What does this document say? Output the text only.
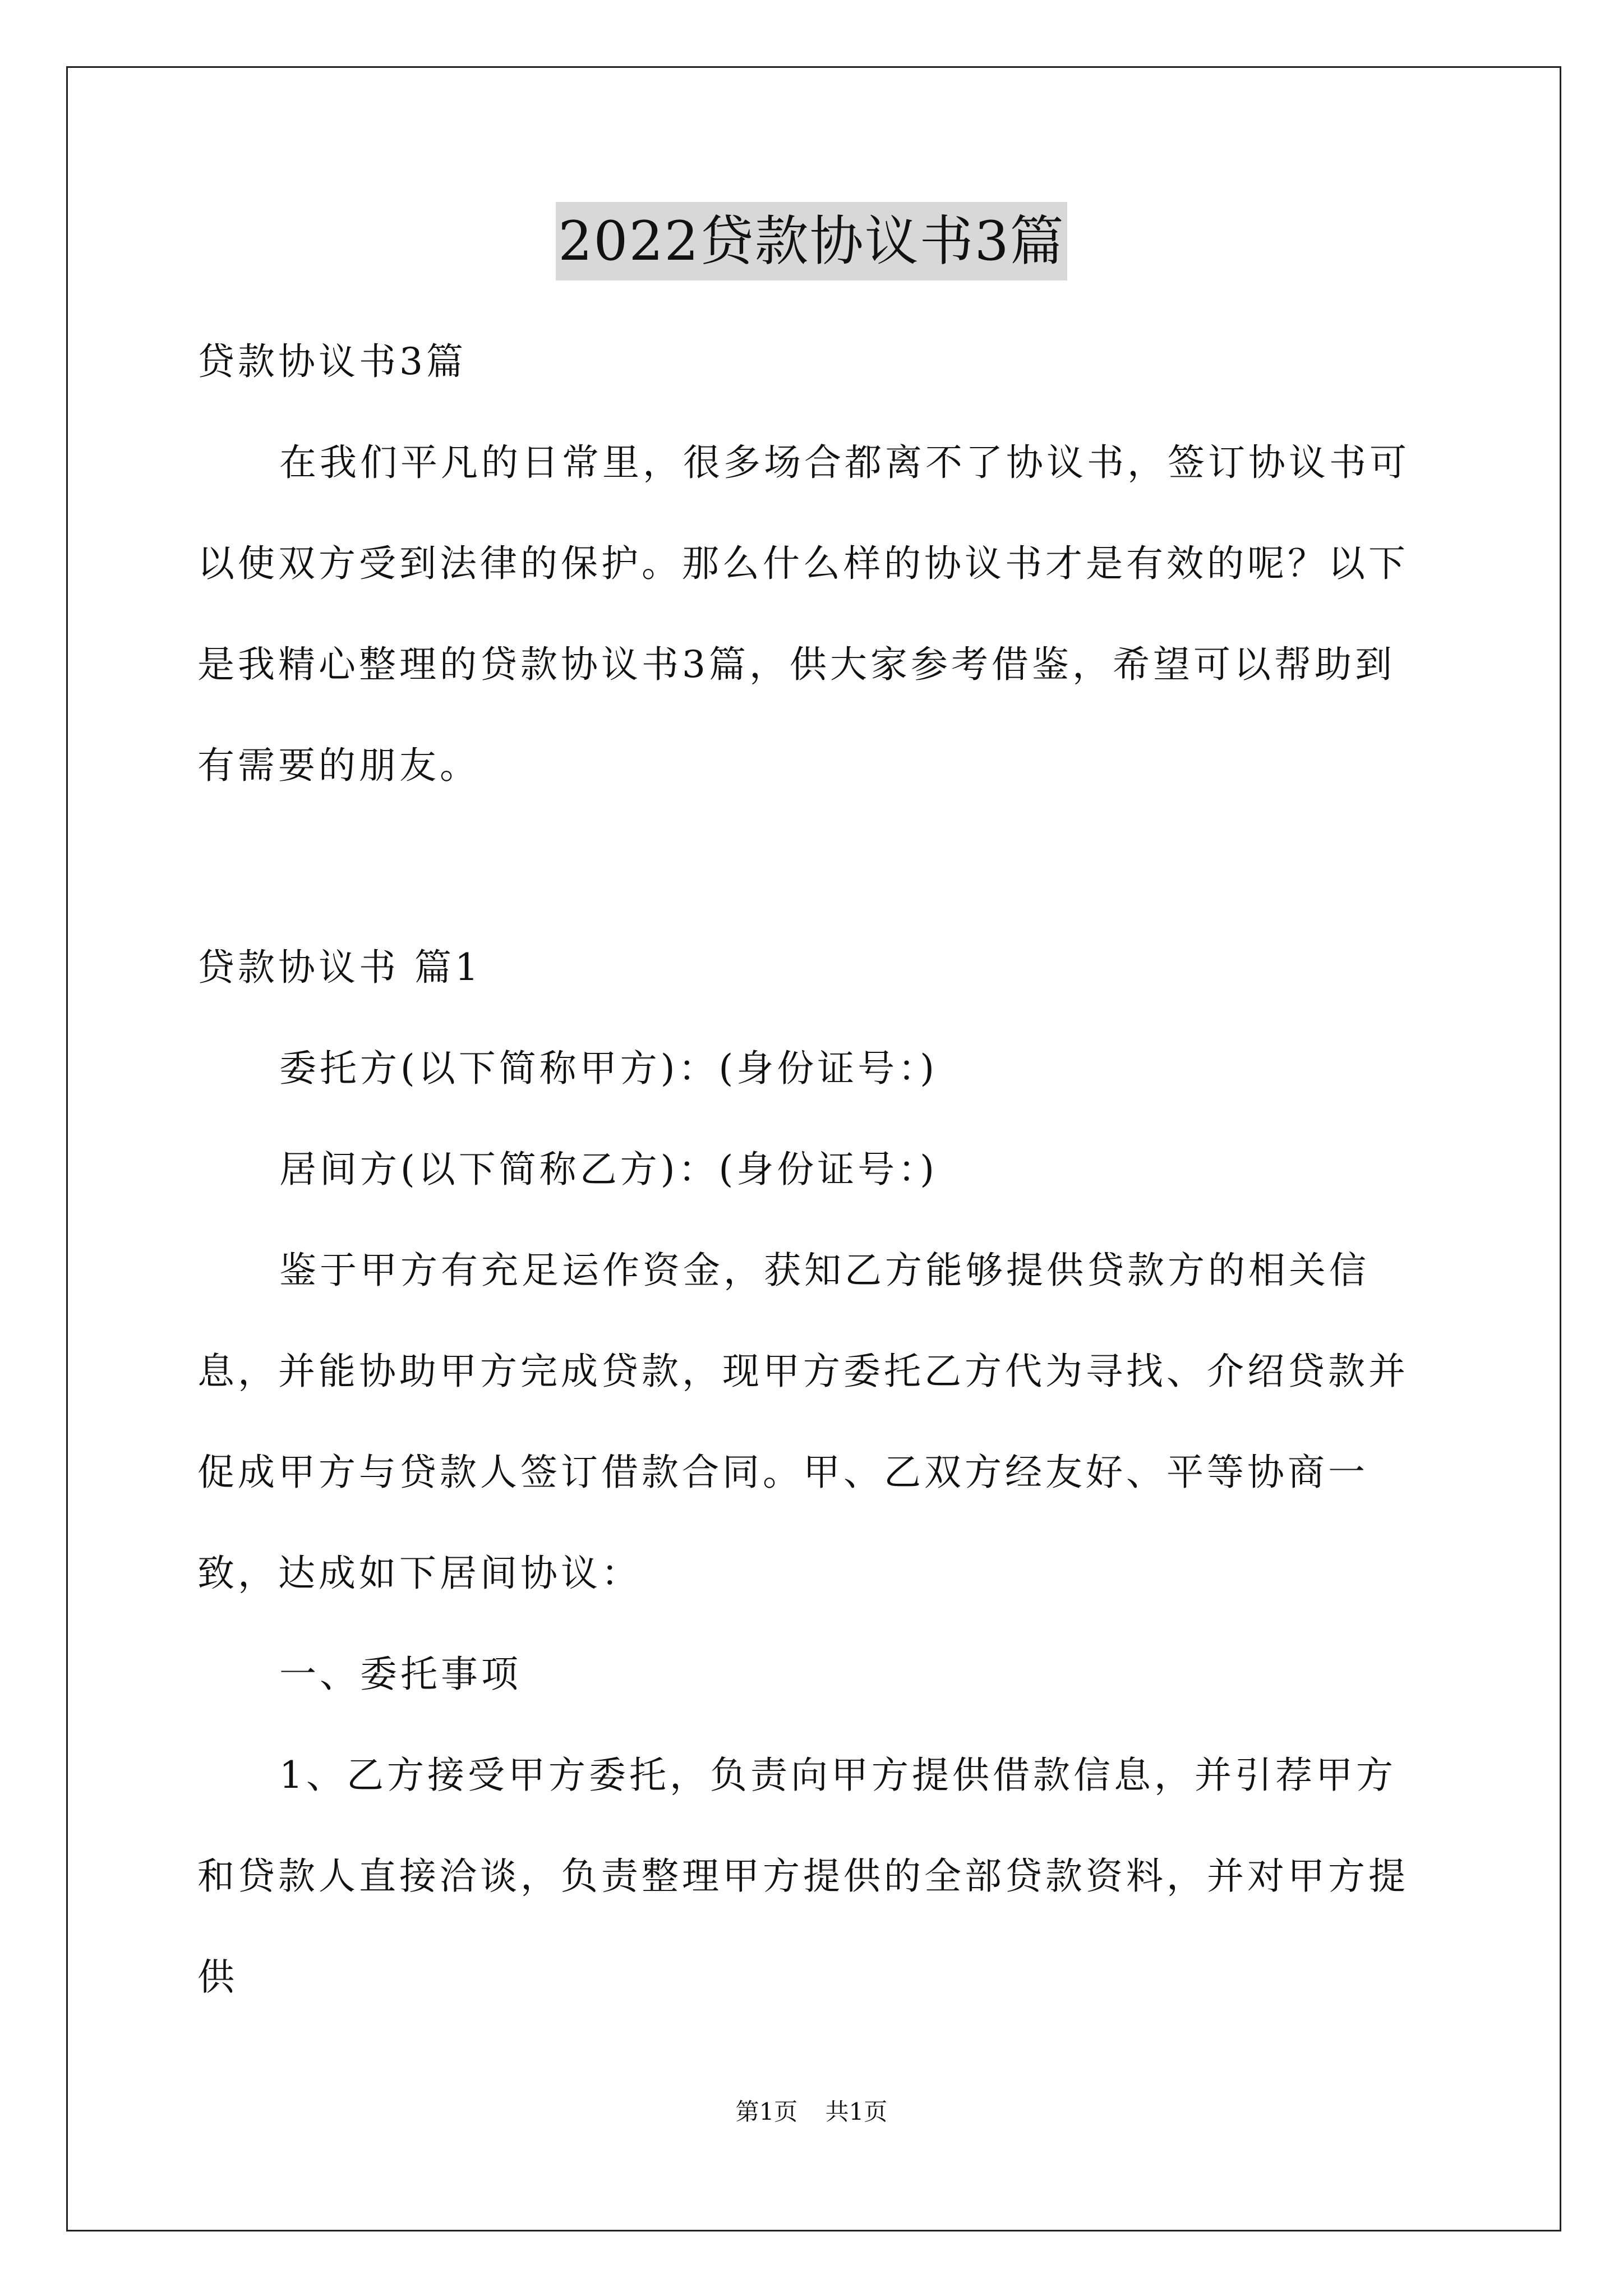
2022贷款协议书3篇

贷款协议书3篇

在我们平凡的日常里，很多场合都离不了协议书，签订协议书可以使双方受到法律的保护。那么什么样的协议书才是有效的呢？以下是我精心整理的贷款协议书3篇，供大家参考借鉴，希望可以帮助到有需要的朋友。

贷款协议书 篇1

委托方(以下简称甲方)：(身份证号：)

居间方(以下简称乙方)：(身份证号：)

鉴于甲方有充足运作资金，获知乙方能够提供贷款方的相关信息，并能协助甲方完成贷款，现甲方委托乙方代为寻找、介绍贷款并促成甲方与贷款人签订借款合同。甲、乙双方经友好、平等协商一致，达成如下居间协议：

一、委托事项

1、乙方接受甲方委托，负责向甲方提供借款信息，并引荐甲方和贷款人直接洽谈，负责整理甲方提供的全部贷款资料，并对甲方提供

第1页 共1页
